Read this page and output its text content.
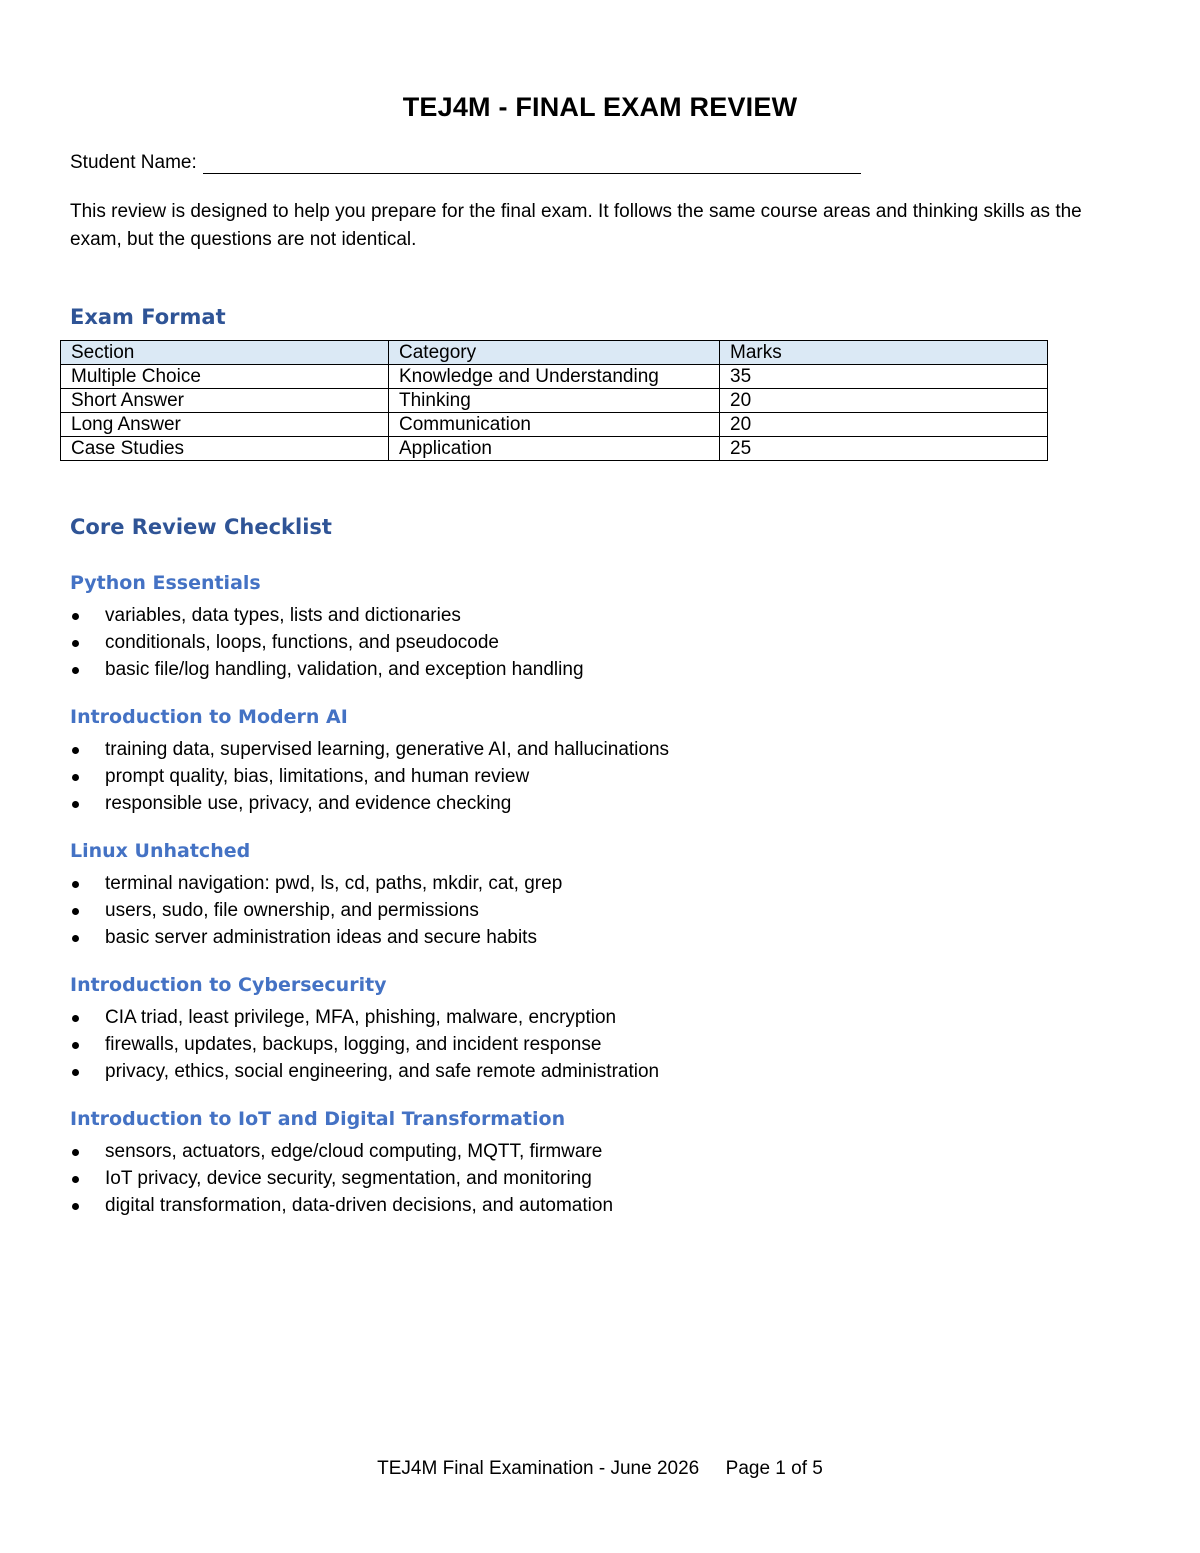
TEJ4M - FINAL EXAM REVIEW
Student Name:
This review is designed to help you prepare for the final exam. It follows the same course areas and thinking skills as the exam, but the questions are not identical.
Exam Format
Section	Category	Marks
Multiple Choice	Knowledge and Understanding	35
Short Answer	Thinking	20
Long Answer	Communication	20
Case Studies	Application	25
Core Review Checklist
Python Essentials
variables, data types, lists and dictionaries
conditionals, loops, functions, and pseudocode
basic file/log handling, validation, and exception handling
Introduction to Modern AI
training data, supervised learning, generative AI, and hallucinations
prompt quality, bias, limitations, and human review
responsible use, privacy, and evidence checking
Linux Unhatched
terminal navigation: pwd, ls, cd, paths, mkdir, cat, grep
users, sudo, file ownership, and permissions
basic server administration ideas and secure habits
Introduction to Cybersecurity
CIA triad, least privilege, MFA, phishing, malware, encryption
firewalls, updates, backups, logging, and incident response
privacy, ethics, social engineering, and safe remote administration
Introduction to IoT and Digital Transformation
sensors, actuators, edge/cloud computing, MQTT, firmware
IoT privacy, device security, segmentation, and monitoring
digital transformation, data-driven decisions, and automation
TEJ4M Final Examination - June 2026 Page 1 of 5
